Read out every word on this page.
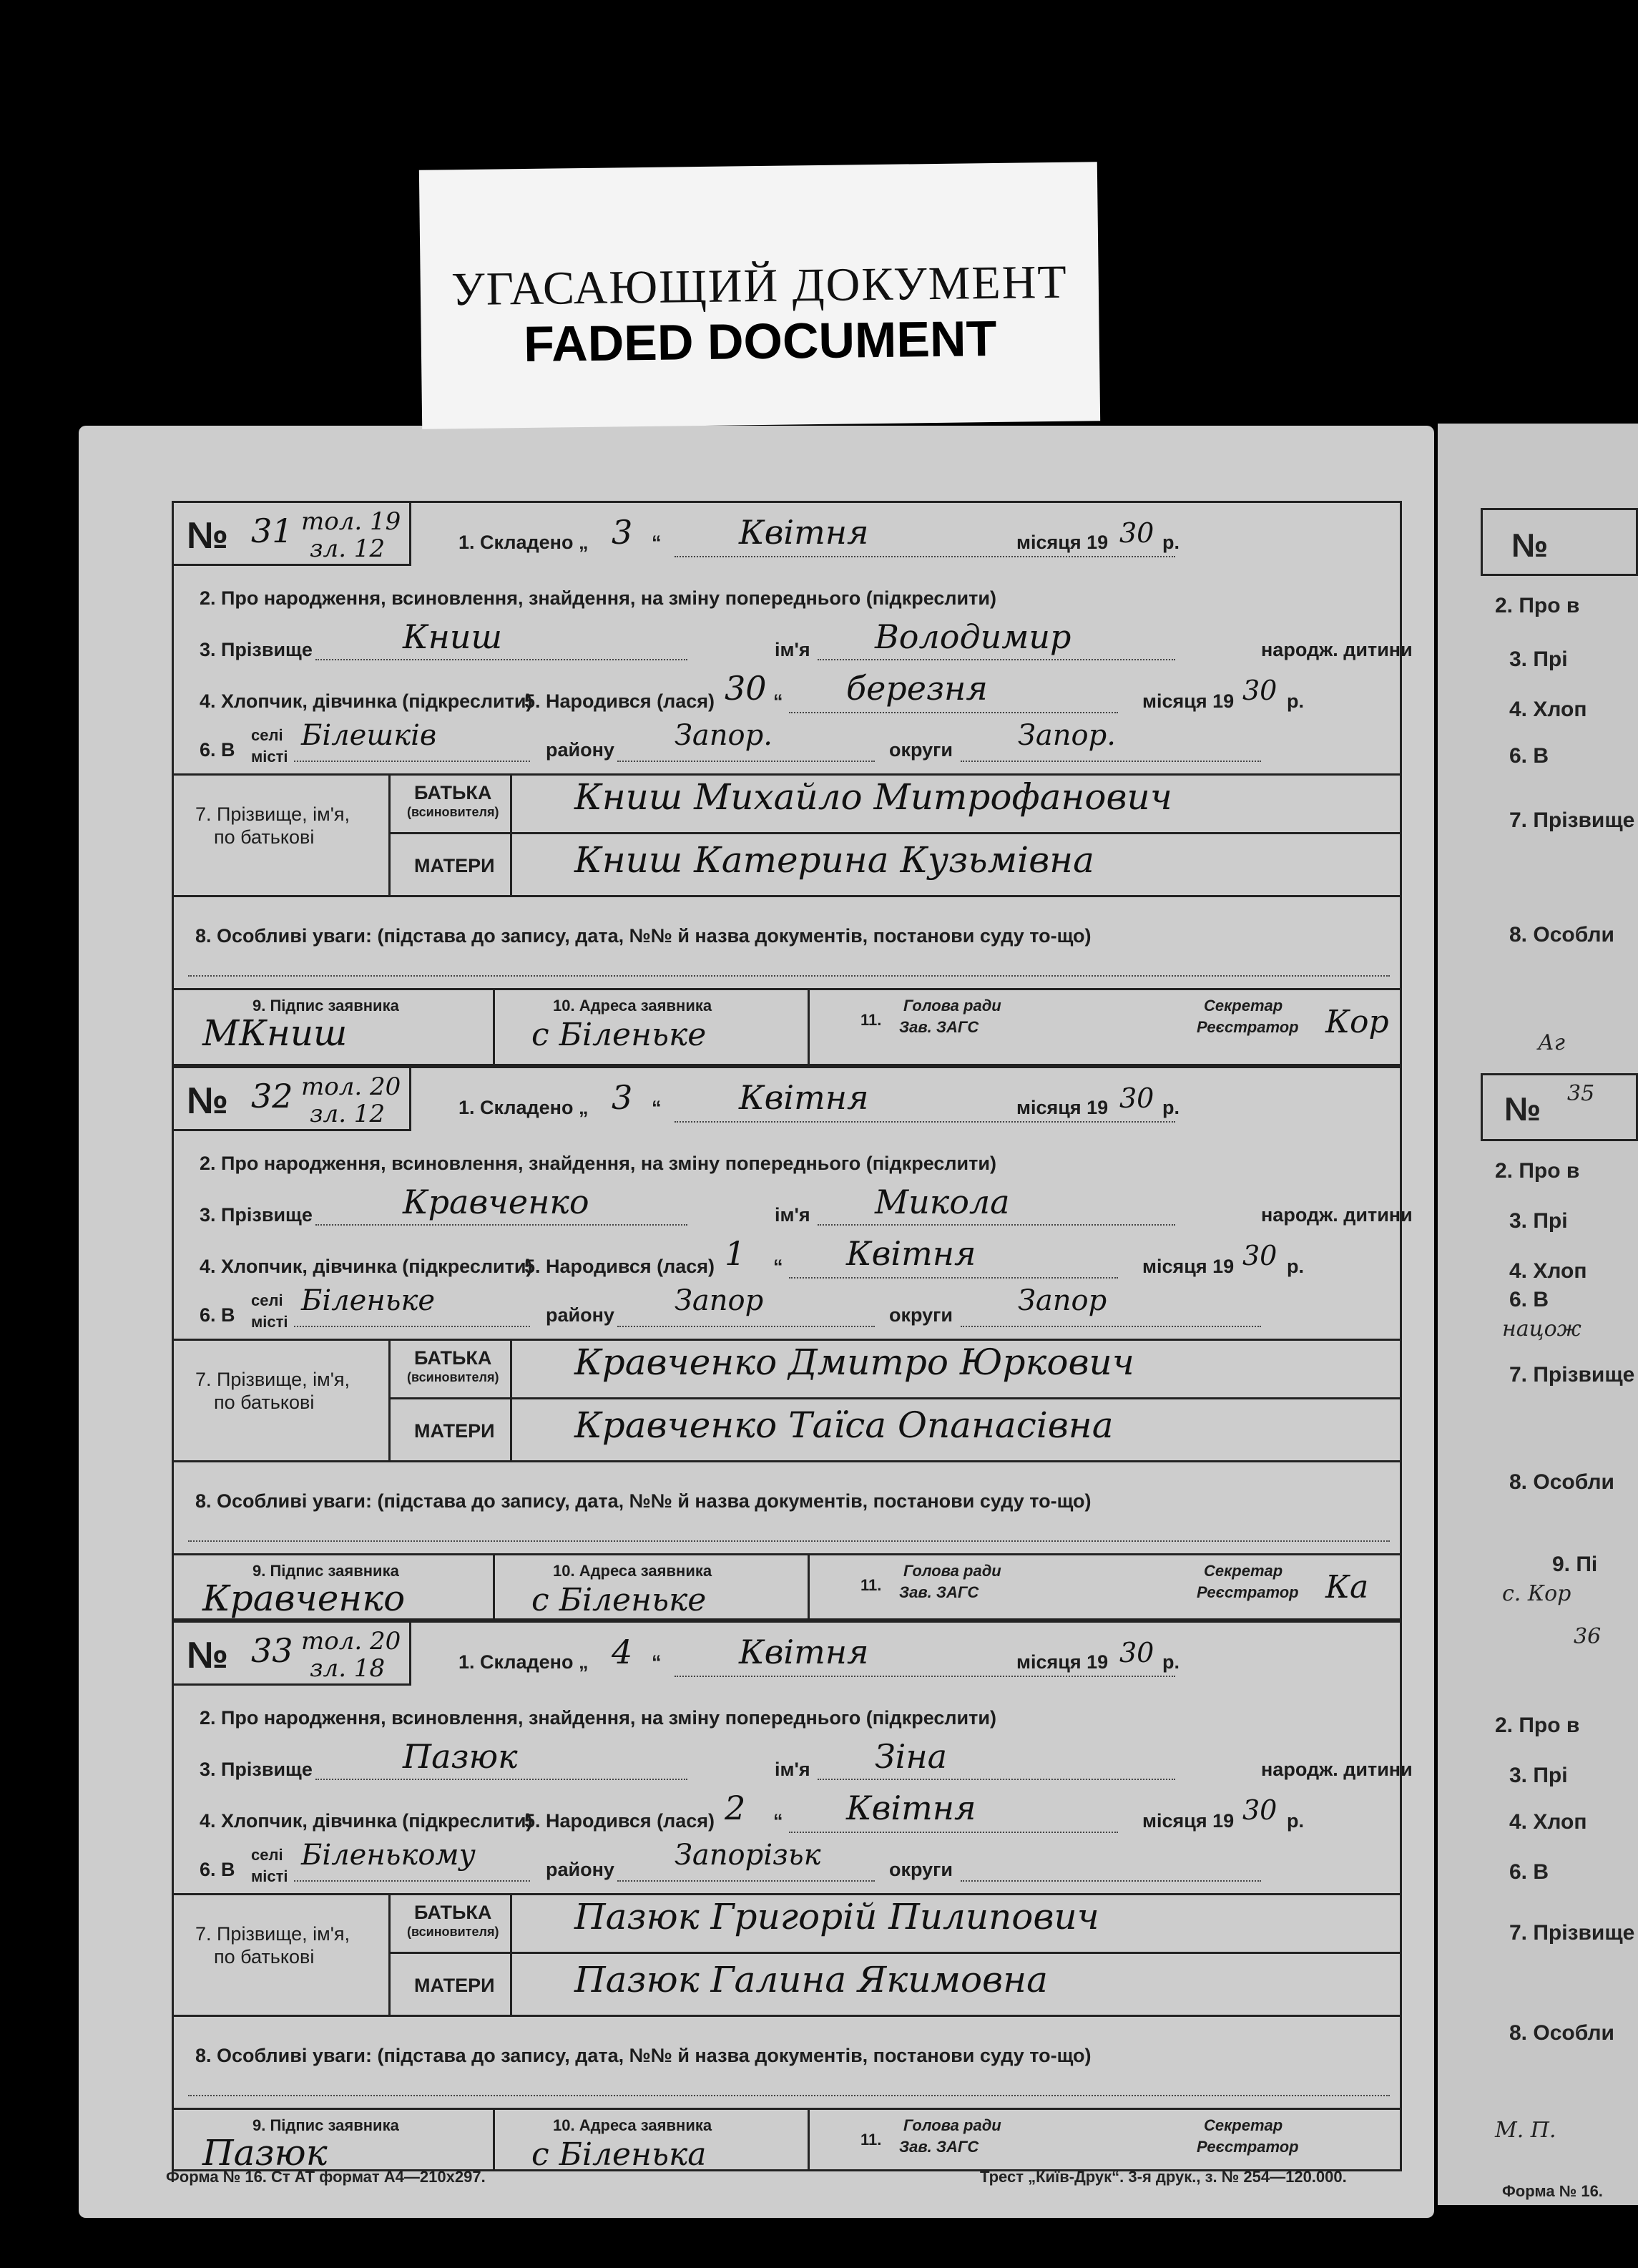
УГАСАЮЩИЙ ДОКУМЕНТ
FADED DOCUMENT
№ 31 тол. 19
зл. 12	1. Складено „ 3 “ Квітня	місяця 19 30 р.
2. Про народження, всиновлення, знайдення, на зміну попереднього (підкреслити)
3. Прізвище	Книш	ім'я Володимир	народж. дитини
4. Хлопчик, дівчинка (підкреслити)
5. Народився (лася) 30 “ березня	місяця 19 30 р.
6. В
селі
місті
Білешків	району Запор.	округи Запор.
7. Прізвище, ім'я,
по батькові
БАТЬКА
(всиновителя)
МАТЕРИ
Книш Михайло Митрофанович
Книш Катерина Кузьмівна
8. Особливі уваги: (підстава до запису, дата, №№ й назва документів, постанови суду то-що)
9. Підпис заявника
МКниш
10. Адреса заявника
с Біленьке	11.
Голова ради
Зав. ЗАГС
Секретар
Реєстратор Кор
№ 32 тол. 20
зл. 12	1. Складено „ 3 “ Квітня	місяця 19 30 р.
2. Про народження, всиновлення, знайдення, на зміну попереднього (підкреслити)
3. Прізвище	Кравченко	ім'я Микола	народж. дитини
4. Хлопчик, дівчинка (підкреслити)
5. Народився (лася) 1 “ Квітня	місяця 19 30 р.
6. В
селі
місті
Біленьке	району Запор	округи Запор
7. Прізвище, ім'я,
по батькові
БАТЬКА
(всиновителя)
МАТЕРИ
Кравченко Дмитро Юркович
Кравченко Таїса Опанасівна
8. Особливі уваги: (підстава до запису, дата, №№ й назва документів, постанови суду то-що)
9. Підпис заявника
Кравченко
10. Адреса заявника
с Біленьке	11.
Голова ради
Зав. ЗАГС
Секретар
Реєстратор Ка
№ 33 тол. 20
зл. 18	1. Складено „ 4 “ Квітня	місяця 19 30 р.
2. Про народження, всиновлення, знайдення, на зміну попереднього (підкреслити)
3. Прізвище	Пазюк	ім'я Зіна	народж. дитини
4. Хлопчик, дівчинка (підкреслити)
5. Народився (лася) 2 “ Квітня	місяця 19 30 р.
6. В
селі
місті
Біленькому	району Запорізьк	округи
7. Прізвище, ім'я,
по батькові
БАТЬКА
(всиновителя)
МАТЕРИ
Пазюк Григорій Пилипович
Пазюк Галина Якимовна
8. Особливі уваги: (підстава до запису, дата, №№ й назва документів, постанови суду то-що)
9. Підпис заявника
Пазюк
10. Адреса заявника
с Біленька	11.
Голова ради
Зав. ЗАГС
Секретар
Реєстратор
Форма № 16. Ст АТ формат А4—210х297.	Трест „Київ-Друк“. 3-я друк., з. № 254—120.000.
№
2. Про в
3. Прі
4. Хлоп
6. В
7. Прізвище
8. Особли
Аг
№ 35
2. Про в
3. Прі
4. Хлоп
6. В
нацож
7. Прізвище
8. Особли
9. Пі
с. Кор
36
2. Про в
3. Прі
4. Хлоп
6. В
7. Прізвище
8. Особли
М. П.
Форма № 16.
